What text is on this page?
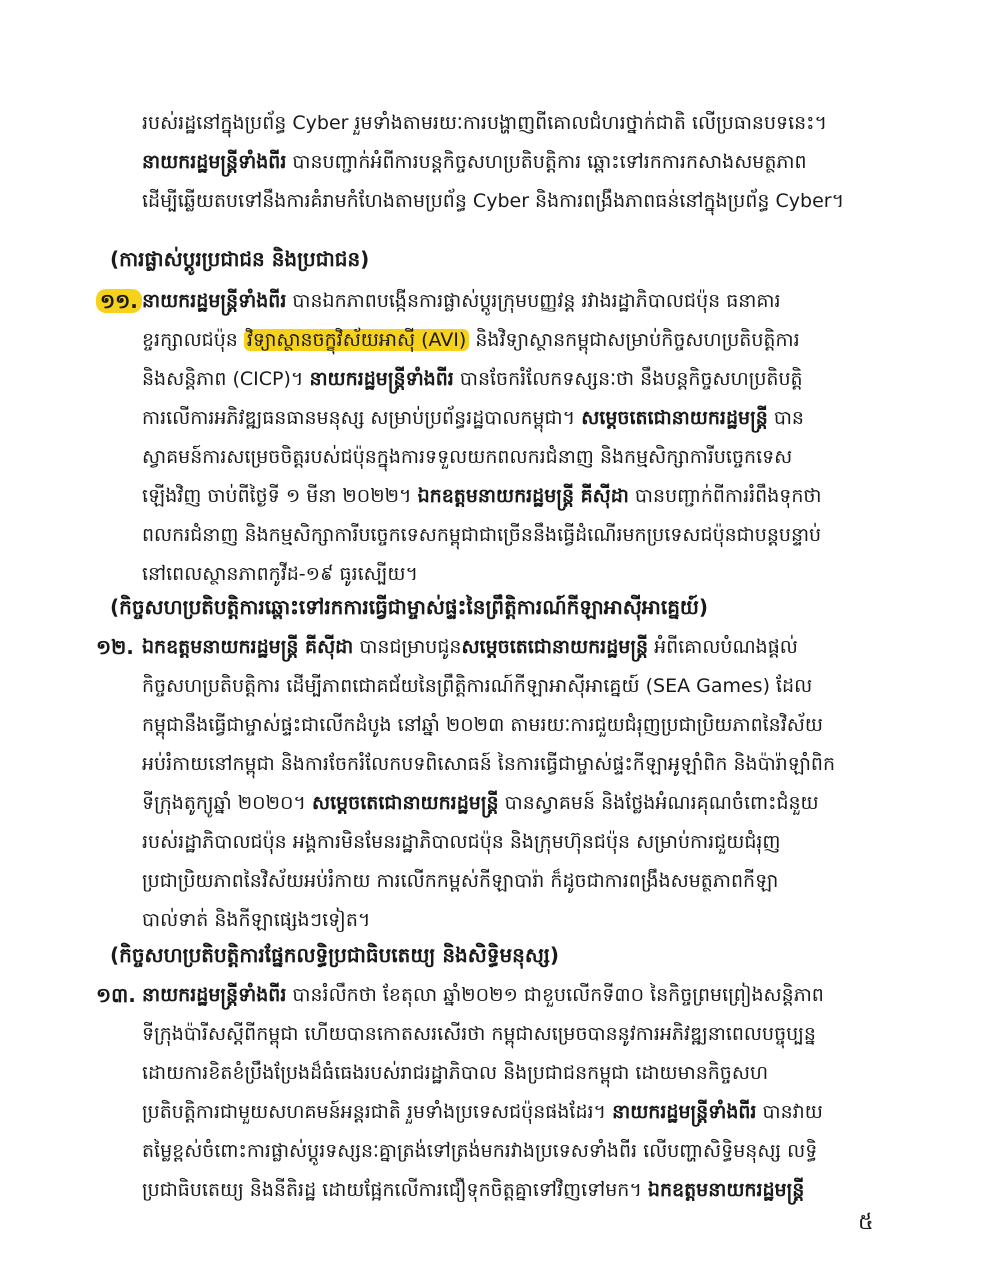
របស់រដ្ឋនៅក្នុងប្រព័ន្ធ Cyber រួមទាំងតាមរយៈការបង្ហាញពីគោលជំហរថ្នាក់ជាតិ លើប្រធានបទនេះ។
នាយករដ្ឋមន្ត្រីទាំងពីរ បានបញ្ជាក់អំពីការបន្តកិច្ចសហប្រតិបត្តិការ ឆ្ពោះទៅរកការកសាងសមត្ថភាព
ដើម្បីឆ្លើយតបទៅនឹងការគំរាមកំហែងតាមប្រព័ន្ធ Cyber និងការពង្រឹងភាពធន់នៅក្នុងប្រព័ន្ធ Cyber។
(ការផ្លាស់ប្តូរប្រជាជន និងប្រជាជន)
១១. នាយករដ្ឋមន្ត្រីទាំងពីរ បានឯកភាពបង្កើនការផ្លាស់ប្តូរក្រុមបញ្ញវន្ត រវាងរដ្ឋាភិបាលជប៉ុន ធនាគារ
ខ្ចរក្សាលជប៉ុន វិទ្យាស្ថានចក្ខុវិស័យអាស៊ី (AVI) និងវិទ្យាស្ថានកម្ពុជាសម្រាប់កិច្ចសហប្រតិបត្តិការ
និងសន្តិភាព (CICP)។ នាយករដ្ឋមន្ត្រីទាំងពីរ បានចែករំលែកទស្សនៈថា នឹងបន្តកិច្ចសហប្រតិបត្តិ
ការលើការអភិវឌ្ឍធនធានមនុស្ស សម្រាប់ប្រព័ន្ធរដ្ឋបាលកម្ពុជា។ សម្តេចតេជោនាយករដ្ឋមន្ត្រី បាន
ស្វាគមន៍ការសម្រេចចិត្តរបស់ជប៉ុនក្នុងការទទួលយកពលករជំនាញ និងកម្មសិក្សាការីបច្ចេកទេស
ឡើងវិញ ចាប់ពីថ្ងៃទី ១ មីនា ២០២២។ ឯកឧត្តមនាយករដ្ឋមន្ត្រី គីស៊ីដា បានបញ្ជាក់ពីការរំពឹងទុកថា
ពលករជំនាញ និងកម្មសិក្សាការីបច្ចេកទេសកម្ពុជាជាច្រើននឹងធ្វើដំណើរមកប្រទេសជប៉ុនជាបន្តបន្ទាប់
នៅពេលស្ថានភាពកូវីដ-១៩ ធូរស្បើយ។
(កិច្ចសហប្រតិបត្តិការឆ្ពោះទៅរកការធ្វើជាម្ចាស់ផ្ទះនៃព្រឹត្តិការណ៍កីឡាអាស៊ីអាគ្នេយ៍)
១២. ឯកឧត្តមនាយករដ្ឋមន្ត្រី គីស៊ីដា បានជម្រាបជូនសម្តេចតេជោនាយករដ្ឋមន្ត្រី អំពីគោលបំណងផ្តល់
កិច្ចសហប្រតិបត្តិការ ដើម្បីភាពជោគជ័យនៃព្រឹត្តិការណ៍កីឡាអាស៊ីអាគ្នេយ៍ (SEA Games) ដែល
កម្ពុជានឹងធ្វើជាម្ចាស់ផ្ទះជាលើកដំបូង នៅឆ្នាំ ២០២៣ តាមរយៈការជួយជំរុញប្រជាប្រិយភាពនៃវិស័យ
អប់រំកាយនៅកម្ពុជា និងការចែករំលែកបទពិសោធន៍ នៃការធ្វើជាម្ចាស់ផ្ទះកីឡាអូឡាំពិក និងប៉ារ៉ាឡាំពិក
ទីក្រុងតូក្យូឆ្នាំ ២០២០។ សម្តេចតេជោនាយករដ្ឋមន្ត្រី បានស្វាគមន៍ និងថ្លែងអំណរគុណចំពោះជំនួយ
របស់រដ្ឋាភិបាលជប៉ុន អង្គការមិនមែនរដ្ឋាភិបាលជប៉ុន និងក្រុមហ៊ុនជប៉ុន សម្រាប់ការជួយជំរុញ
ប្រជាប្រិយភាពនៃវិស័យអប់រំកាយ ការលើកកម្ពស់កីឡាបារ៉ា ក៏ដូចជាការពង្រឹងសមត្ថភាពកីឡា
បាល់ទាត់ និងកីឡាផ្សេងៗទៀត។
(កិច្ចសហប្រតិបត្តិការផ្នែកលទ្ធិប្រជាធិបតេយ្យ និងសិទ្ធិមនុស្ស)
១៣. នាយករដ្ឋមន្ត្រីទាំងពីរ បានរំលឹកថា ខែតុលា ឆ្នាំ២០២១ ជាខួបលើកទី៣០ នៃកិច្ចព្រមព្រៀងសន្តិភាព
ទីក្រុងប៉ារីសស្តីពីកម្ពុជា ហើយបានកោតសរសើរថា កម្ពុជាសម្រេចបាននូវការអភិវឌ្ឍនាពេលបច្ចុប្បន្ន
ដោយការខិតខំប្រឹងប្រែងដ៏ធំធេងរបស់រាជរដ្ឋាភិបាល និងប្រជាជនកម្ពុជា ដោយមានកិច្ចសហ
ប្រតិបត្តិការជាមួយសហគមន៍អន្តរជាតិ រួមទាំងប្រទេសជប៉ុនផងដែរ។ នាយករដ្ឋមន្ត្រីទាំងពីរ បានវាយ
តម្លៃខ្ពស់ចំពោះការផ្លាស់ប្តូរទស្សនៈគ្នាត្រង់ទៅត្រង់មករវាងប្រទេសទាំងពីរ លើបញ្ហាសិទ្ធិមនុស្ស លទ្ធិ
ប្រជាធិបតេយ្យ និងនីតិរដ្ឋ ដោយផ្អែកលើការជឿទុកចិត្តគ្នាទៅវិញទៅមក។ ឯកឧត្តមនាយករដ្ឋមន្ត្រី
៥
